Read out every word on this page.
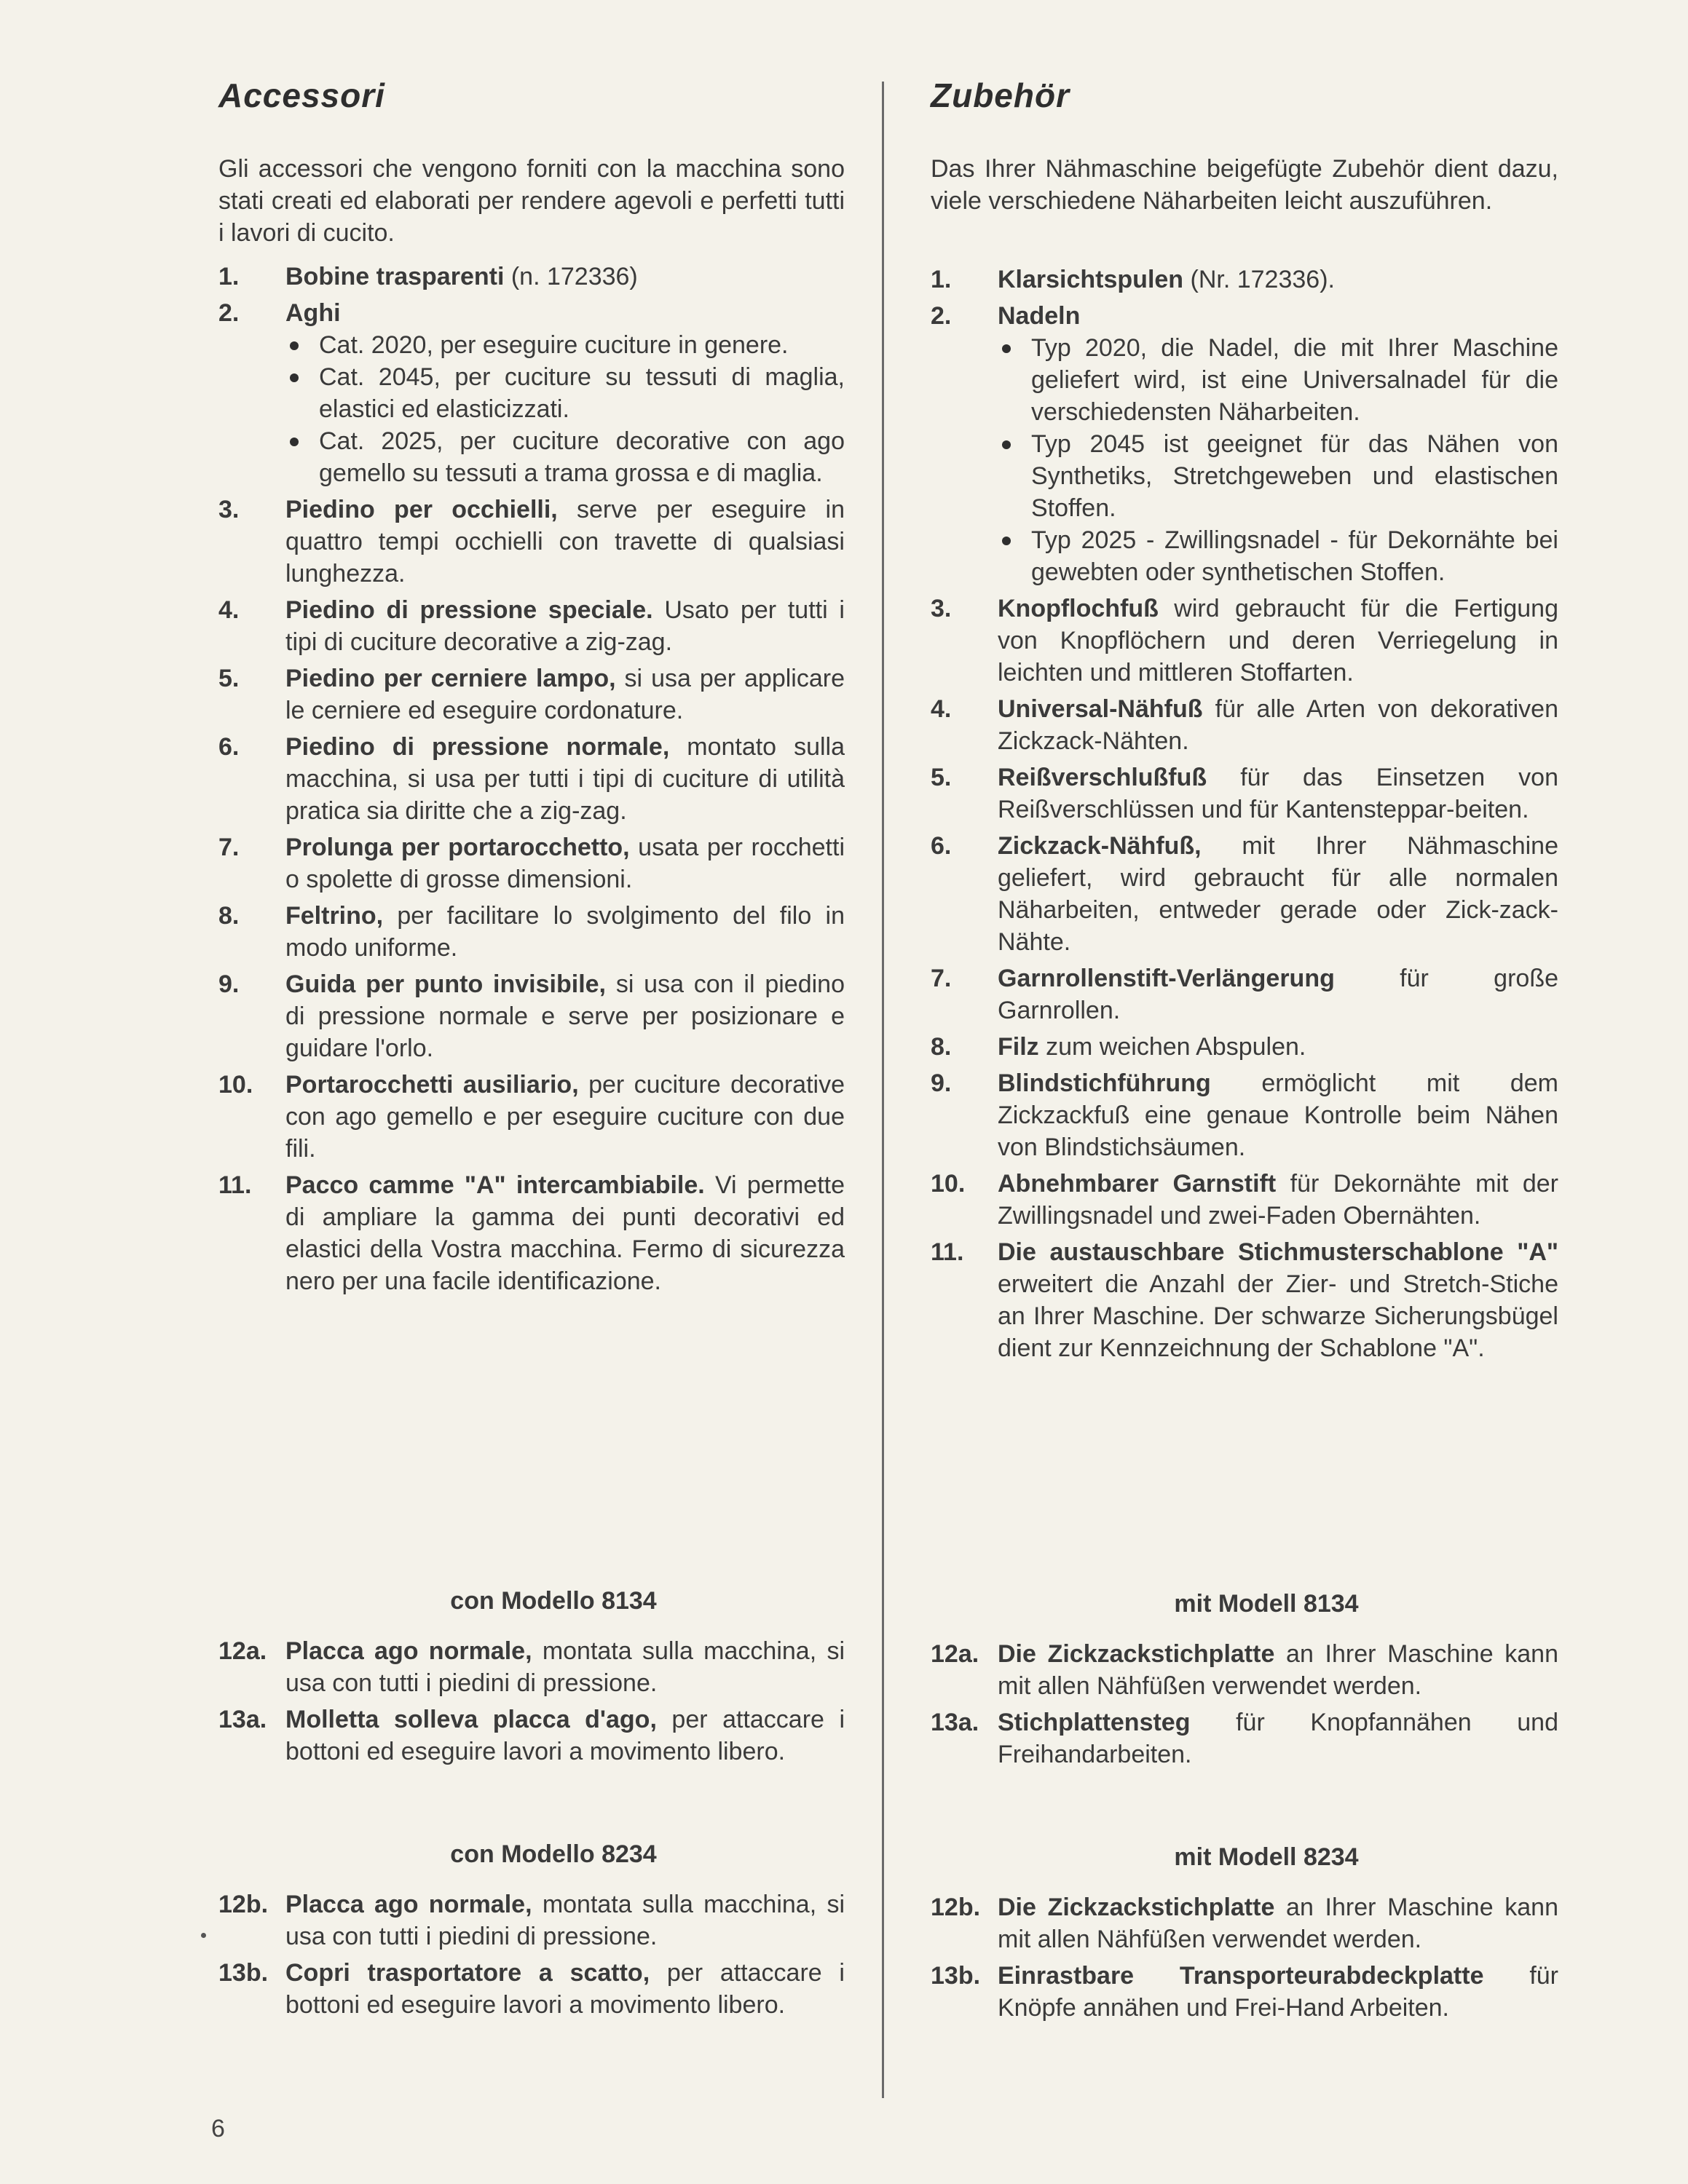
Accessori

Gli accessori che vengono forniti con la macchina sono stati creati ed elaborati per rendere agevoli e perfetti tutti i lavori di cucito.

1.	Bobine trasparenti (n. 172336)
2.	Aghi
Cat. 2020, per eseguire cuciture in genere.
Cat. 2045, per cuciture su tessuti di maglia, elastici ed elasticizzati.
Cat. 2025, per cuciture decorative con ago gemello su tessuti a trama grossa e di maglia.
3.	Piedino per occhielli, serve per eseguire in quattro tempi occhielli con travette di qualsiasi lunghezza.
4.	Piedino di pressione speciale. Usato per tutti i tipi di cuciture decorative a zig-zag.
5.	Piedino per cerniere lampo, si usa per applicare le cerniere ed eseguire cordonature.
6.	Piedino di pressione normale, montato sulla macchina, si usa per tutti i tipi di cuciture di utilità pratica sia diritte che a zig-zag.
7.	Prolunga per portarocchetto, usata per rocchetti o spolette di grosse dimensioni.
8.	Feltrino, per facilitare lo svolgimento del filo in modo uniforme.
9.	Guida per punto invisibile, si usa con il piedino di pressione normale e serve per posizionare e guidare l'orlo.
10.	Portarocchetti ausiliario, per cuciture decorative con ago gemello e per eseguire cuciture con due fili.
11.	Pacco camme "A" intercambiabile. Vi permette di ampliare la gamma dei punti decorativi ed elastici della Vostra macchina. Fermo di sicurezza nero per una facile identificazione.
con Modello 8134
12a. Placca ago normale, montata sulla macchina, si usa con tutti i piedini di pressione.
13a. Molletta solleva placca d'ago, per attaccare i bottoni ed eseguire lavori a movimento libero.
con Modello 8234
12b. Placca ago normale, montata sulla macchina, si usa con tutti i piedini di pressione.
13b. Copri trasportatore a scatto, per attaccare i bottoni ed eseguire lavori a movimento libero.
Zubehör

Das Ihrer Nähmaschine beigefügte Zubehör dient dazu, viele verschiedene Näharbeiten leicht auszuführen.

1.	Klarsichtspulen (Nr. 172336).
2.	Nadeln
Typ 2020, die Nadel, die mit Ihrer Maschine geliefert wird, ist eine Universalnadel für die verschiedensten Näharbeiten.
Typ 2045 ist geeignet für das Nähen von Synthetiks, Stretchgeweben und elastischen Stoffen.
Typ 2025 - Zwillingsnadel - für Dekornähte bei gewebten oder synthetischen Stoffen.
3.	Knopflochfuß wird gebraucht für die Fertigung von Knopflöchern und deren Verriegelung in leichten und mittleren Stoffarten.
4.	Universal-Nähfuß für alle Arten von dekorativen Zickzack-Nähten.
5.	Reißverschlußfuß für das Einsetzen von Reißverschlüssen und für Kantensteppar-beiten.
6.	Zickzack-Nähfuß, mit Ihrer Nähmaschine geliefert, wird gebraucht für alle normalen Näharbeiten, entweder gerade oder Zick-zack-Nähte.
7.	Garnrollenstift-Verlängerung für große Garnrollen.
8.	Filz zum weichen Abspulen.
9.	Blindstichführung ermöglicht mit dem Zickzackfuß eine genaue Kontrolle beim Nähen von Blindstichsäumen.
10.	Abnehmbarer Garnstift für Dekornähte mit der Zwillingsnadel und zwei-Faden Obernähten.
11.	Die austauschbare Stichmusterschablone "A" erweitert die Anzahl der Zier- und Stretch-Stiche an Ihrer Maschine. Der schwarze Sicherungsbügel dient zur Kennzeichnung der Schablone "A".
mit Modell 8134
12a. Die Zickzackstichplatte an Ihrer Maschine kann mit allen Nähfüßen verwendet werden.
13a. Stichplattensteg für Knopfannähen und Freihandarbeiten.
mit Modell 8234
12b. Die Zickzackstichplatte an Ihrer Maschine kann mit allen Nähfüßen verwendet werden.
13b. Einrastbare Transporteurabdeckplatte für Knöpfe annähen und Frei-Hand Arbeiten.
6
